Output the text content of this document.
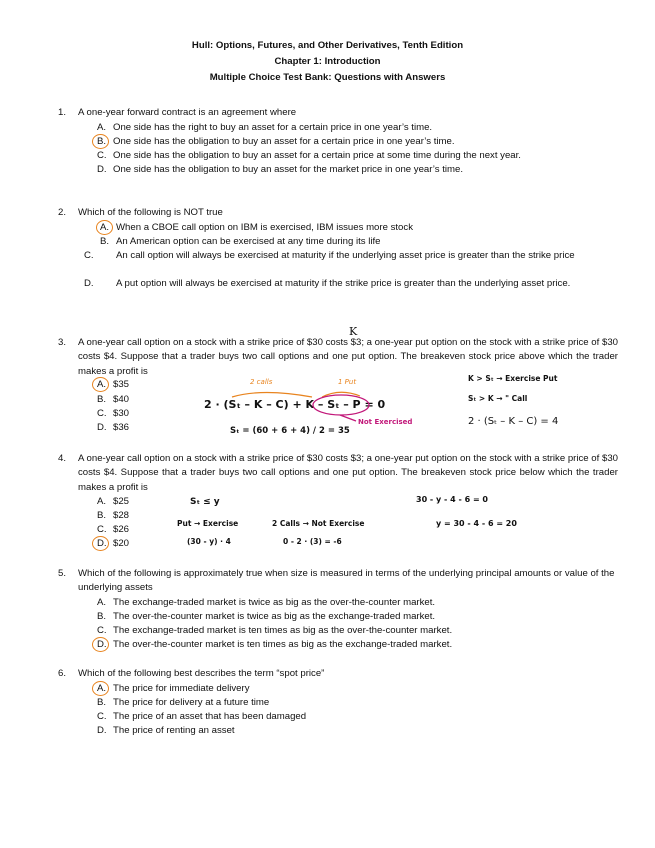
Hull: Options, Futures, and Other Derivatives, Tenth Edition
Chapter 1: Introduction
Multiple Choice Test Bank: Questions with Answers
1.	A one-year forward contract is an agreement where
A. One side has the right to buy an asset for a certain price in one year’s time.
B. One side has the obligation to buy an asset for a certain price in one year’s time.
C. One side has the obligation to buy an asset for a certain price at some time during the next year.
D. One side has the obligation to buy an asset for the market price in one year’s time.
2.	Which of the following is NOT true
A. When a CBOE call option on IBM is exercised, IBM issues more stock
B. An American option can be exercised at any time during its life
C. An call option will always be exercised at maturity if the underlying asset price is greater than the strike price
D. A put option will always be exercised at maturity if the strike price is greater than the underlying asset price.
3.	A one-year call option on a stock with a strike price of $30 costs $3; a one-year put option on the stock with a strike price of $30 costs $4. Suppose that a trader buys two call options and one put option. The breakeven stock price above which the trader makes a profit is
A. $35
B. $40
C. $30
D. $36
K
2 calls	1 Put
2 · (Sₜ – K – C) + K – Sₜ – P = 0
Not Exercised
Sₜ = (60 + 6 + 4) / 2 = 35
K > Sₜ → Exercise Put
Sₜ > K → " Call
2 · (Sₜ – K – C) = 4
4.	A one-year call option on a stock with a strike price of $30 costs $3; a one-year put option on the stock with a strike price of $30 costs $4. Suppose that a trader buys two call options and one put option. The breakeven stock price below which the trader makes a profit is
A. $25
B. $28
C. $26
D. $20
Sₜ ≤ y
Put → Exercise
(30 - y) · 4
2 Calls → Not Exercise
0 - 2 · (3) = -6
30 - y - 4 - 6 = 0
y = 30 - 4 - 6 = 20
5.	Which of the following is approximately true when size is measured in terms of the underlying principal amounts or value of the underlying assets
A. The exchange-traded market is twice as big as the over-the-counter market.
B. The over-the-counter market is twice as big as the exchange-traded market.
C. The exchange-traded market is ten times as big as the over-the-counter market.
D. The over-the-counter market is ten times as big as the exchange-traded market.
6.	Which of the following best describes the term “spot price”
A. The price for immediate delivery
B. The price for delivery at a future time
C. The price of an asset that has been damaged
D. The price of renting an asset
